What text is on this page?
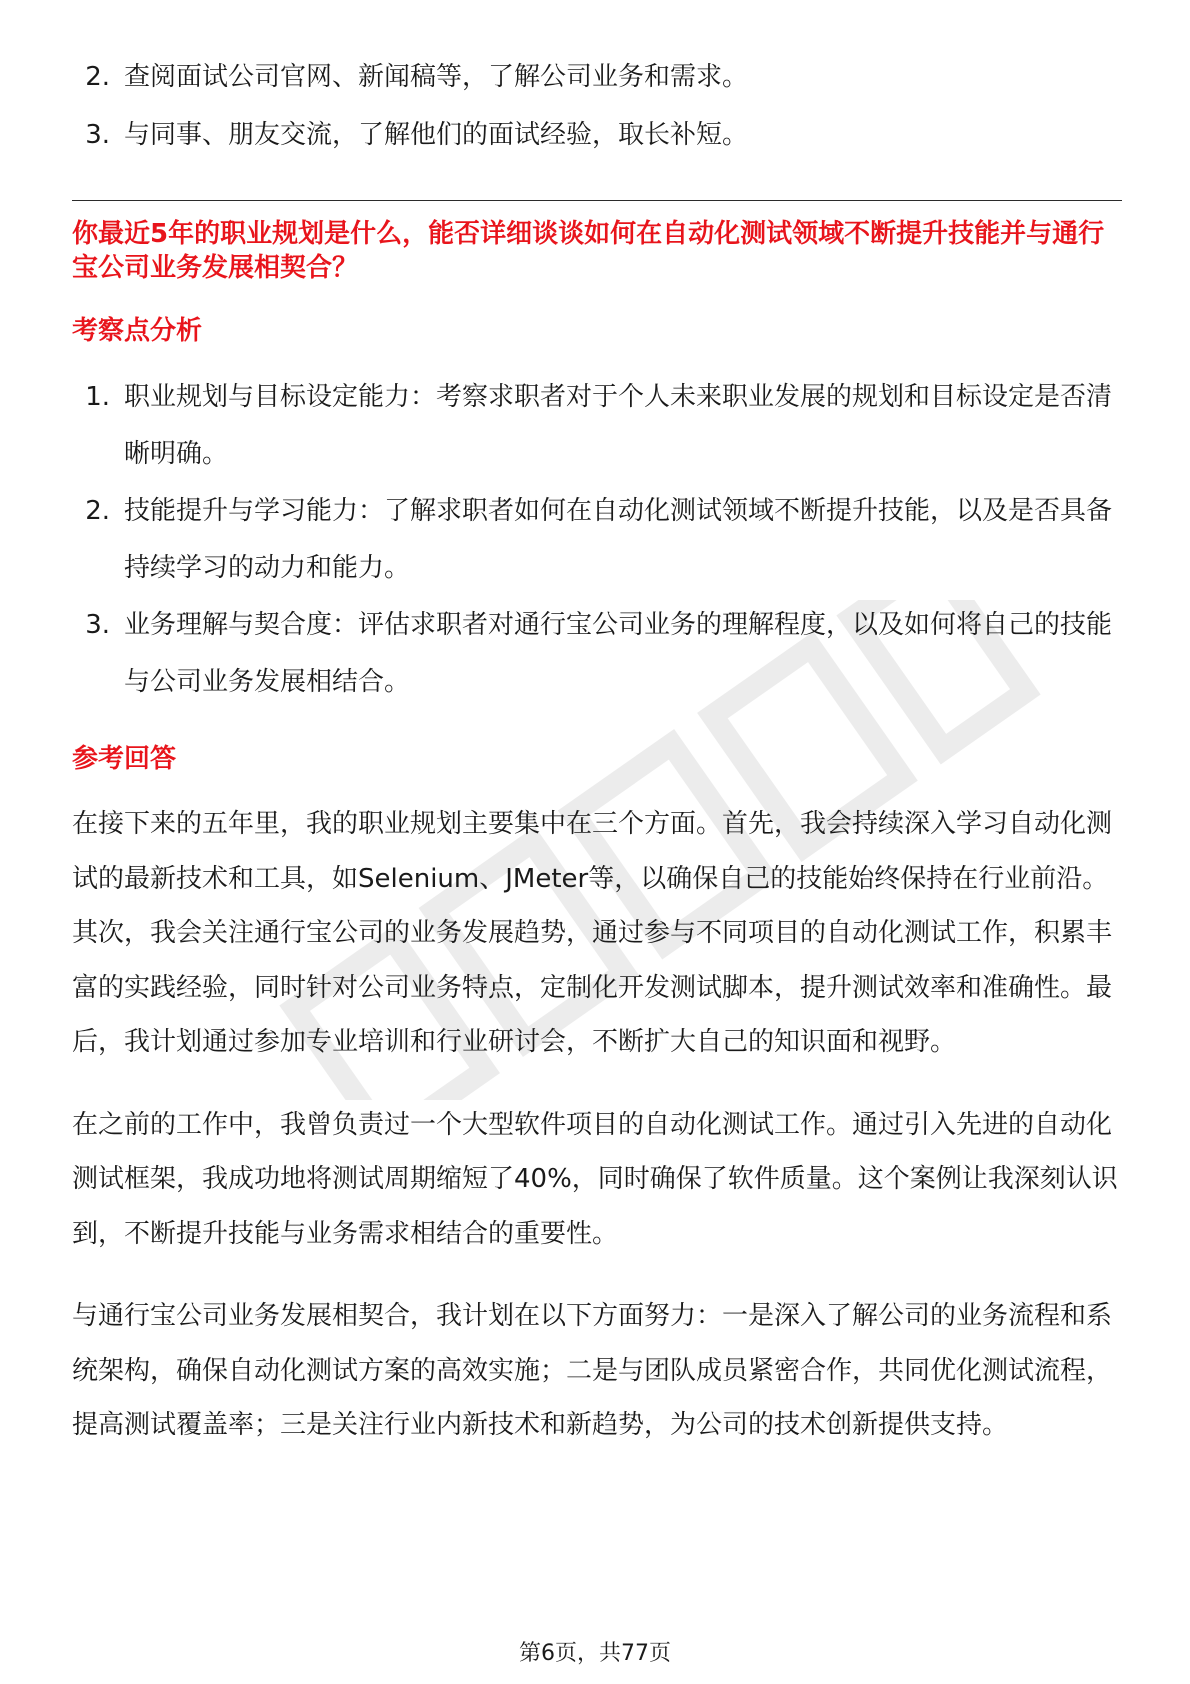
2. 查阅面试公司官网、新闻稿等，了解公司业务和需求。
3. 与同事、朋友交流，了解他们的面试经验，取长补短。

你最近5年的职业规划是什么，能否详细谈谈如何在自动化测试领域不断提升技能并与通行宝公司业务发展相契合？

考察点分析
1. 职业规划与目标设定能力：考察求职者对于个人未来职业发展的规划和目标设定是否清晰明确。
2. 技能提升与学习能力：了解求职者如何在自动化测试领域不断提升技能，以及是否具备持续学习的动力和能力。
3. 业务理解与契合度：评估求职者对通行宝公司业务的理解程度，以及如何将自己的技能与公司业务发展相结合。
参考回答

在接下来的五年里，我的职业规划主要集中在三个方面。首先，我会持续深入学习自动化测试的最新技术和工具，如Selenium、JMeter等，以确保自己的技能始终保持在行业前沿。其次，我会关注通行宝公司的业务发展趋势，通过参与不同项目的自动化测试工作，积累丰富的实践经验，同时针对公司业务特点，定制化开发测试脚本，提升测试效率和准确性。最后，我计划通过参加专业培训和行业研讨会，不断扩大自己的知识面和视野。

在之前的工作中，我曾负责过一个大型软件项目的自动化测试工作。通过引入先进的自动化测试框架，我成功地将测试周期缩短了40%，同时确保了软件质量。这个案例让我深刻认识到，不断提升技能与业务需求相结合的重要性。

与通行宝公司业务发展相契合，我计划在以下方面努力：一是深入了解公司的业务流程和系统架构，确保自动化测试方案的高效实施；二是与团队成员紧密合作，共同优化测试流程，提高测试覆盖率；三是关注行业内新技术和新趋势，为公司的技术创新提供支持。

第6页，共77页
